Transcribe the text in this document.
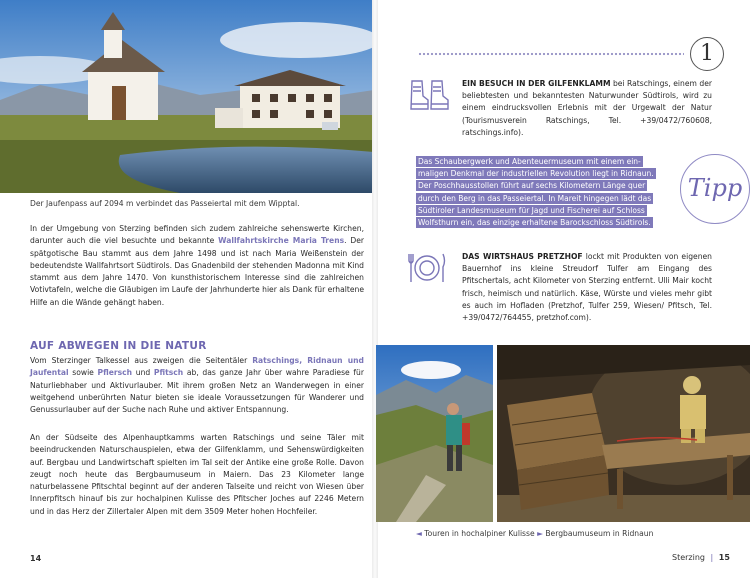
Der Jaufenpass auf 2094 m verbindet das Passeiertal mit dem Wipptal.
In der Umgebung von Sterzing befinden sich zudem zahlreiche sehenswerte Kirchen, darunter auch die viel besuchte und bekannte Wallfahrtskirche Maria Trens. Der spätgotische Bau stammt aus dem Jahre 1498 und ist nach Maria Weißenstein der bedeutendste Wallfahrtsort Südtirols. Das Gnadenbild der stehenden Madonna mit Kind stammt aus dem Jahre 1470. Von kunsthistorischem Interesse sind die zahlreichen Votivtafeln, welche die Gläubigen im Laufe der Jahrhunderte hier als Dank für erhaltene Hilfe an die Wände gehängt haben.
AUF ABWEGEN IN DIE NATUR
Vom Sterzinger Talkessel aus zweigen die Seitentäler Ratschings, Ridnaun und Jaufental sowie Pflersch und Pfitsch ab, das ganze Jahr über wahre Paradiese für Naturliebhaber und Aktivurlauber. Mit ihrem großen Netz an Wanderwegen in einer weitgehend unberührten Natur bieten sie ideale Voraussetzungen für Wanderer und Genussurlauber auf der Suche nach Ruhe und aktiver Entspannung.
An der Südseite des Alpenhauptkamms warten Ratschings und seine Täler mit beeindruckenden Naturschauspielen, etwa der Gilfenklamm, und Sehenswürdigkeiten auf. Bergbau und Landwirtschaft spielten im Tal seit der Antike eine große Rolle. Davon zeugt noch heute das Bergbaumuseum in Maiern. Das 23 Kilometer lange naturbelassene Pfitschtal beginnt auf der anderen Talseite und reicht von Wiesen über Innerpfitsch hinauf bis zur hochalpinen Kulisse des Pfitscher Joches auf 2246 Metern und in das Herz der Zillertaler Alpen mit dem 3509 Meter hohen Hochfeiler.
14
1
EIN BESUCH IN DER GILFENKLAMM bei Ratschings, einem der beliebtesten und bekanntesten Naturwunder Südtirols, wird zu einem eindrucksvollen Erlebnis mit der Urgewalt der Natur (Tourismusverein Ratschings, Tel. +39/0472/760608, ratschings.info).
Das Schaubergwerk und Abenteuermuseum mit einem ein-
maligen Denkmal der industriellen Revolution liegt in Ridnaun.
Der Poschhausstollen führt auf sechs Kilometern Länge quer
durch den Berg in das Passeiertal. In Mareit hingegen lädt das
Südtiroler Landesmuseum für Jagd und Fischerei auf Schloss
Wolfsthurn ein, das einzige erhaltene Barockschloss Südtirols.
Tipp
DAS WIRTSHAUS PRETZHOF lockt mit Produkten von eigenen Bauernhof ins kleine Streudorf Tulfer am Eingang des Pfitschertals, acht Kilometer von Sterzing entfernt. Ulli Mair kocht frisch, heimisch und natürlich. Käse, Würste und vieles mehr gibt es auch im Hofladen (Pretzhof, Tulfer 259, Wiesen/ Pfitsch, Tel. +39/0472/764455, pretzhof.com).
◄ Touren in hochalpiner Kulisse ► Bergbaumuseum in Ridnaun
Sterzing | 15
